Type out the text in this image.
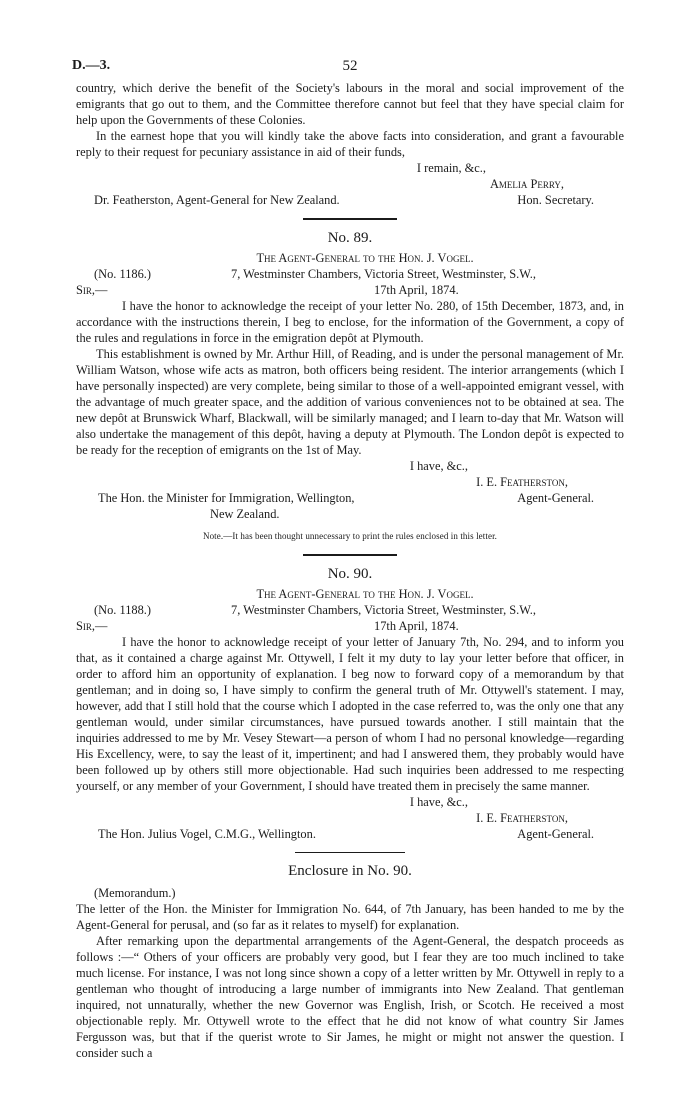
D.—3.	52

country, which derive the benefit of the Society's labours in the moral and social improvement of the emigrants that go out to them, and the Committee therefore cannot but feel that they have special claim for help upon the Governments of these Colonies.

In the earnest hope that you will kindly take the above facts into consideration, and grant a favourable reply to their request for pecuniary assistance in aid of their funds,

I remain, &c.,
Amelia Perry,
Dr. Featherston, Agent-General for New Zealand.	Hon. Secretary.
No. 89.
The Agent-General to the Hon. J. Vogel.
(No. 1186.)	7, Westminster Chambers, Victoria Street, Westminster, S.W.,
Sir,—	17th April, 1874.

I have the honor to acknowledge the receipt of your letter No. 280, of 15th December, 1873, and, in accordance with the instructions therein, I beg to enclose, for the information of the Government, a copy of the rules and regulations in force in the emigration depôt at Plymouth.

This establishment is owned by Mr. Arthur Hill, of Reading, and is under the personal management of Mr. William Watson, whose wife acts as matron, both officers being resident. The interior arrangements (which I have personally inspected) are very complete, being similar to those of a well-appointed emigrant vessel, with the advantage of much greater space, and the addition of various conveniences not to be obtained at sea. The new depôt at Brunswick Wharf, Blackwall, will be similarly managed; and I learn to-day that Mr. Watson will also undertake the management of this depôt, having a deputy at Plymouth. The London depôt is expected to be ready for the reception of emigrants on the 1st of May.

I have, &c.,
I. E. Featherston,
The Hon. the Minister for Immigration, Wellington,	Agent-General.
New Zealand.
Note.—It has been thought unnecessary to print the rules enclosed in this letter.
No. 90.
The Agent-General to the Hon. J. Vogel.
(No. 1188.)	7, Westminster Chambers, Victoria Street, Westminster, S.W.,
Sir,—	17th April, 1874.

I have the honor to acknowledge receipt of your letter of January 7th, No. 294, and to inform you that, as it contained a charge against Mr. Ottywell, I felt it my duty to lay your letter before that officer, in order to afford him an opportunity of explanation. I beg now to forward copy of a memorandum by that gentleman; and in doing so, I have simply to confirm the general truth of Mr. Ottywell's statement. I may, however, add that I still hold that the course which I adopted in the case referred to, was the only one that any gentleman would, under similar circumstances, have pursued towards another. I still maintain that the inquiries addressed to me by Mr. Vesey Stewart—a person of whom I had no personal knowledge—regarding His Excellency, were, to say the least of it, impertinent; and had I answered them, they probably would have been followed up by others still more objectionable. Had such inquiries been addressed to me respecting yourself, or any member of your Government, I should have treated them in precisely the same manner.

I have, &c.,
I. E. Featherston,
The Hon. Julius Vogel, C.M.G., Wellington.	Agent-General.
Enclosure in No. 90.
(Memorandum.)

The letter of the Hon. the Minister for Immigration No. 644, of 7th January, has been handed to me by the Agent-General for perusal, and (so far as it relates to myself) for explanation.

After remarking upon the departmental arrangements of the Agent-General, the despatch proceeds as follows :—“ Others of your officers are probably very good, but I fear they are too much inclined to take much license. For instance, I was not long since shown a copy of a letter written by Mr. Ottywell in reply to a gentleman who thought of introducing a large number of immigrants into New Zealand. That gentleman inquired, not unnaturally, whether the new Governor was English, Irish, or Scotch. He received a most objectionable reply. Mr. Ottywell wrote to the effect that he did not know of what country Sir James Fergusson was, but that if the querist wrote to Sir James, he might or might not answer the question. I consider such a
